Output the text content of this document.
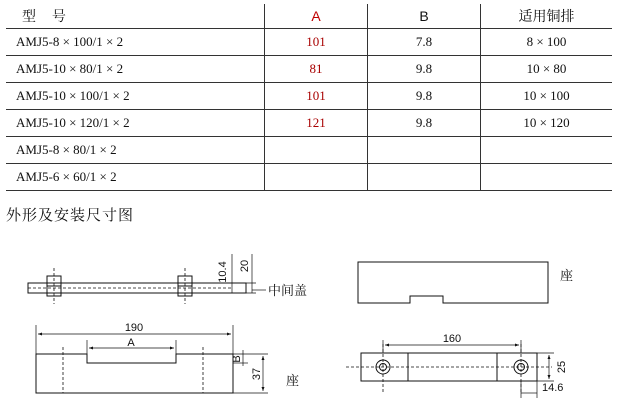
型 号	A	B	适用铜排
AMJ5-8 × 100/1 × 2	101	7.8	8 × 100
AMJ5-10 × 80/1 × 2	81	9.8	10 × 80
AMJ5-10 × 100/1 × 2	101	9.8	10 × 100
AMJ5-10 × 120/1 × 2	121	9.8	10 × 120
AMJ5-8 × 80/1 × 2			
AMJ5-6 × 60/1 × 2			
外形及安装尺寸图
10.4 20
中间盖
190
A
B
37 座
座
160
25
14.6
